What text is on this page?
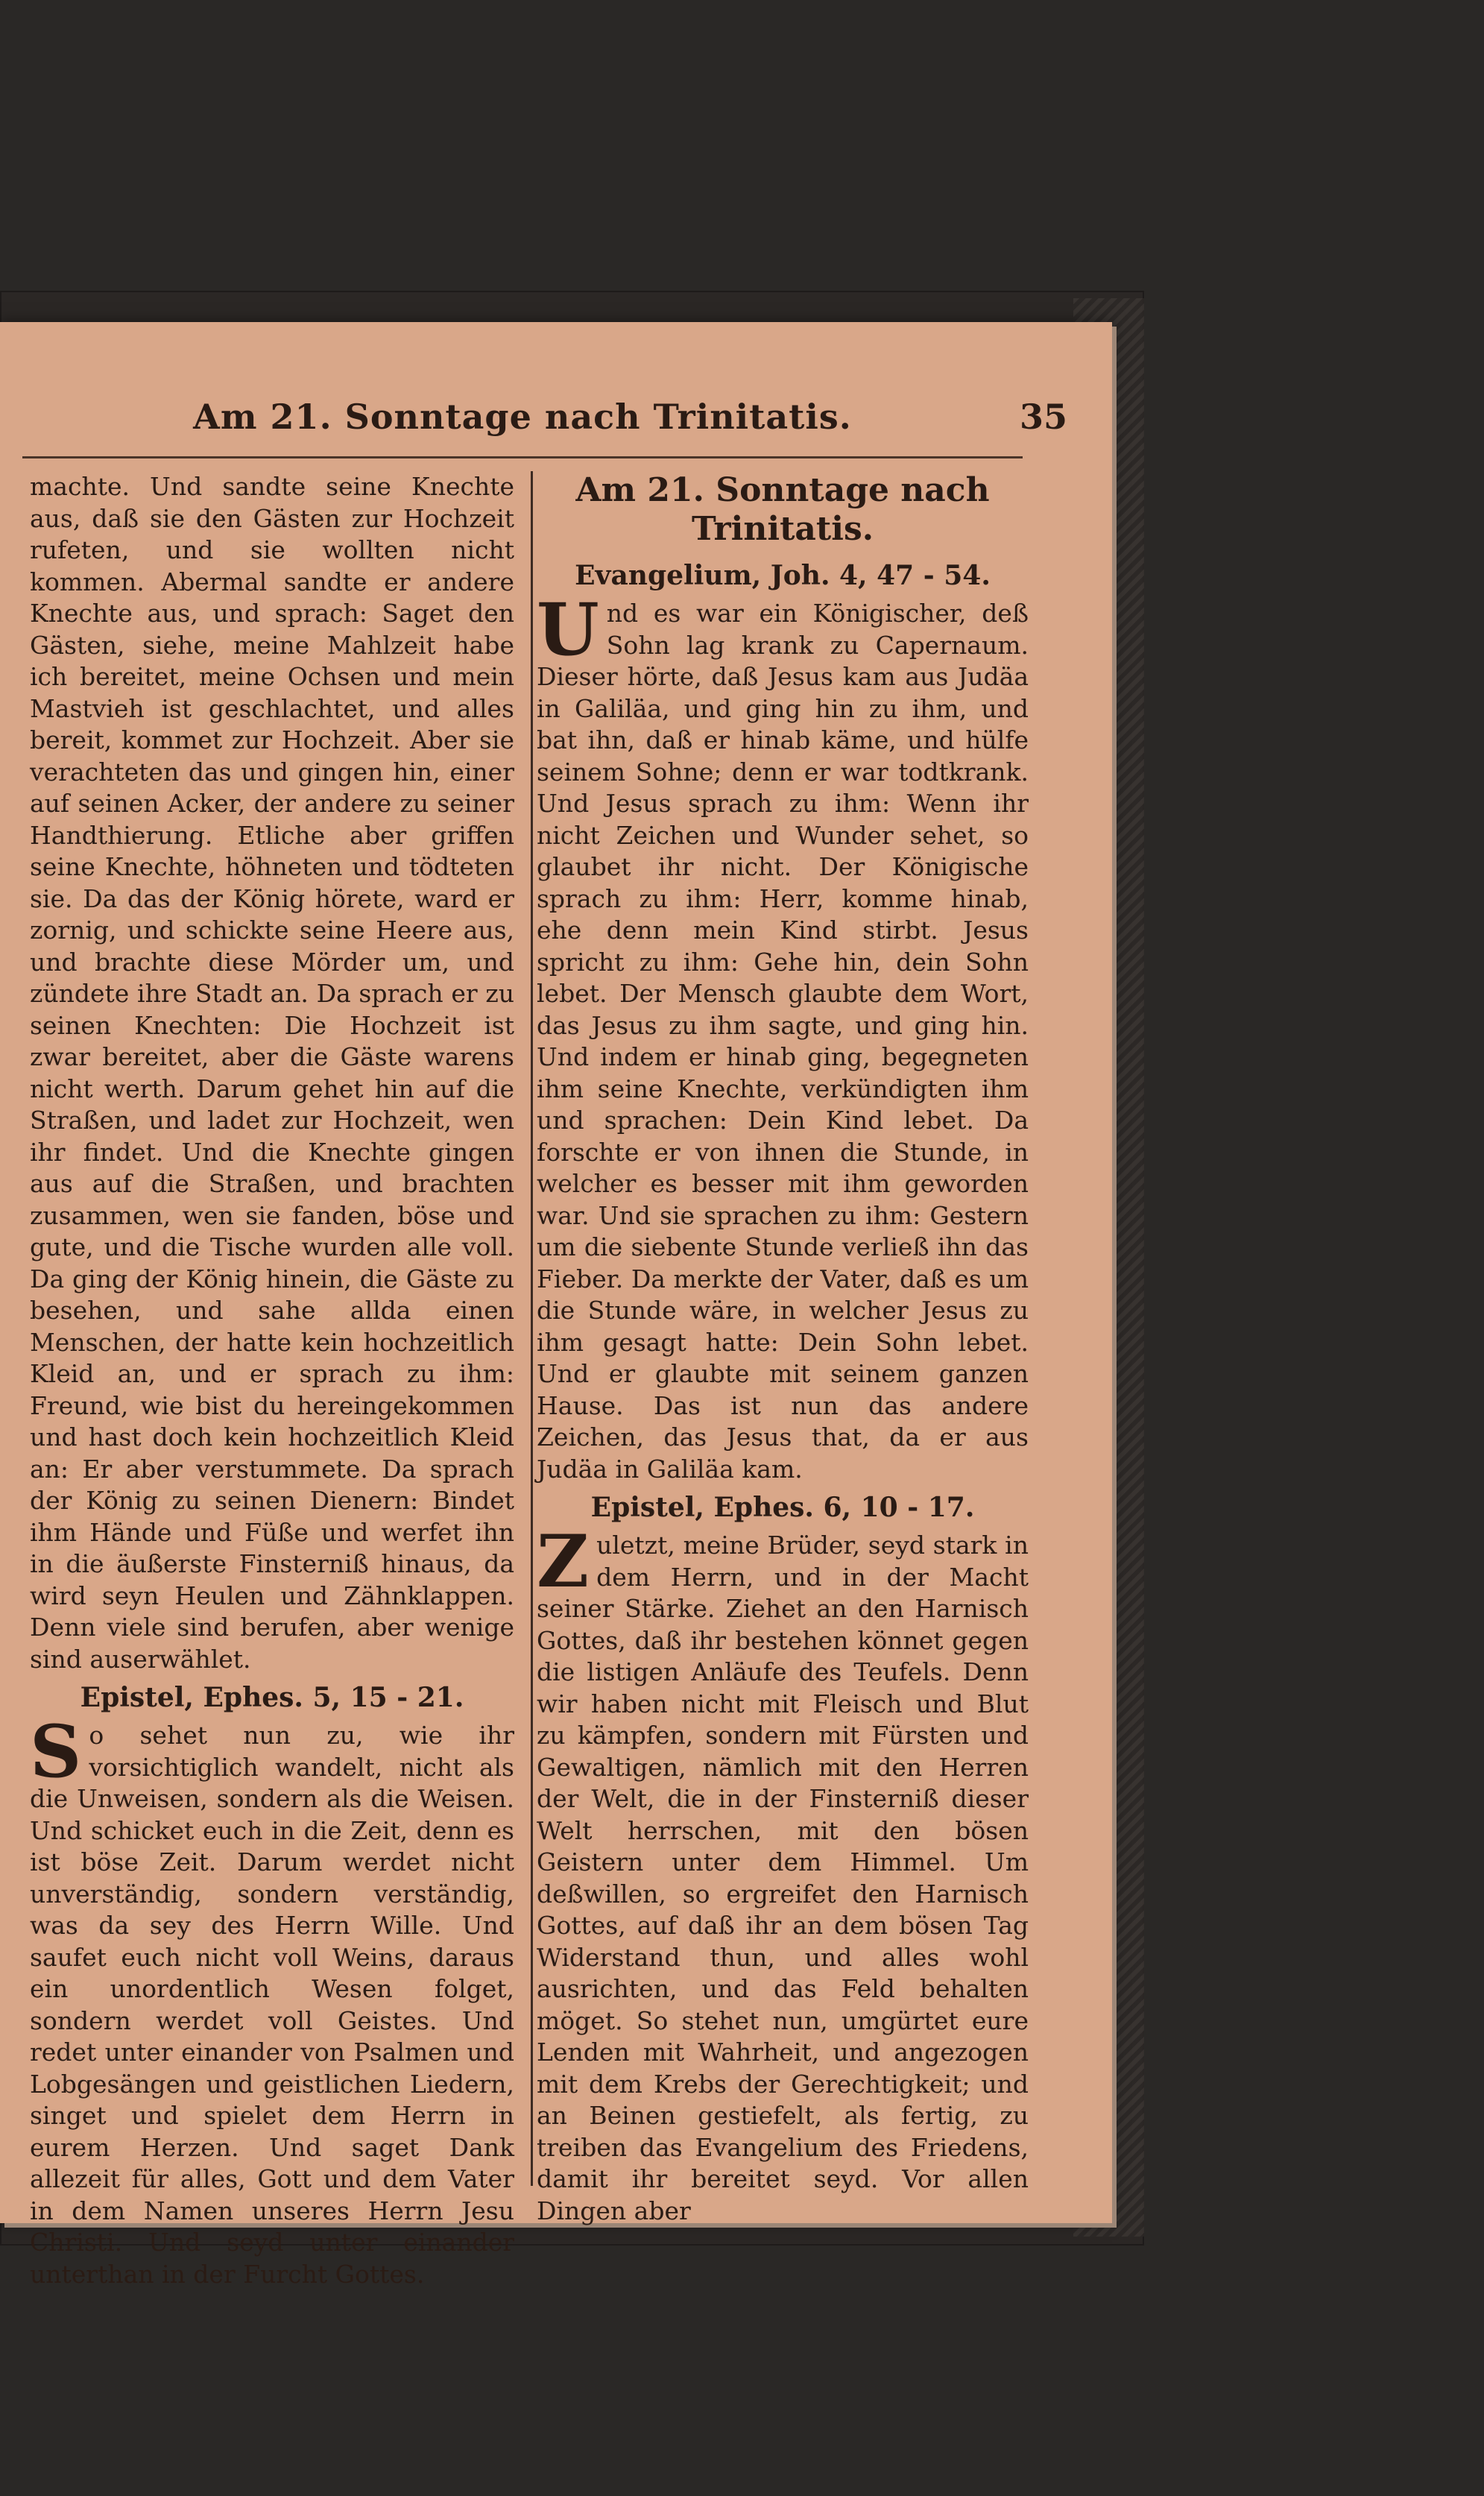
Am 21. Sonntage nach Trinitatis.	35

machte. Und sandte seine Knechte aus, daß sie den Gästen zur Hochzeit rufeten, und sie wollten nicht kommen. Abermal sandte er andere Knechte aus, und sprach: Saget den Gästen, siehe, meine Mahlzeit habe ich bereitet, meine Ochsen und mein Mastvieh ist geschlachtet, und alles bereit, kommet zur Hochzeit. Aber sie verachteten das und gingen hin, einer auf seinen Acker, der andere zu seiner Handthierung. Etliche aber griffen seine Knechte, höhneten und tödteten sie. Da das der König hörete, ward er zornig, und schickte seine Heere aus, und brachte diese Mörder um, und zündete ihre Stadt an. Da sprach er zu seinen Knechten: Die Hochzeit ist zwar bereitet, aber die Gäste warens nicht werth. Darum gehet hin auf die Straßen, und ladet zur Hochzeit, wen ihr findet. Und die Knechte gingen aus auf die Straßen, und brachten zusammen, wen sie fanden, böse und gute, und die Tische wurden alle voll. Da ging der König hinein, die Gäste zu besehen, und sahe allda einen Menschen, der hatte kein hochzeitlich Kleid an, und er sprach zu ihm: Freund, wie bist du hereingekommen und hast doch kein hochzeitlich Kleid an: Er aber verstummete. Da sprach der König zu seinen Dienern: Bindet ihm Hände und Füße und werfet ihn in die äußerste Finsterniß hinaus, da wird seyn Heulen und Zähnklappen. Denn viele sind berufen, aber wenige sind auserwählet.

Epistel, Ephes. 5, 15 - 21.

So sehet nun zu, wie ihr vorsichtiglich wandelt, nicht als die Unweisen, sondern als die Weisen. Und schicket euch in die Zeit, denn es ist böse Zeit. Darum werdet nicht unverständig, sondern verständig, was da sey des Herrn Wille. Und saufet euch nicht voll Weins, daraus ein unordentlich Wesen folget, sondern werdet voll Geistes. Und redet unter einander von Psalmen und Lobgesängen und geistlichen Liedern, singet und spielet dem Herrn in eurem Herzen. Und saget Dank allezeit für alles, Gott und dem Vater in dem Namen unseres Herrn Jesu Christi. Und seyd unter einander unterthan in der Furcht Gottes.

Am 21. Sonntage nach Trinitatis.
Evangelium, Joh. 4, 47 - 54.

Und es war ein Königischer, deß Sohn lag krank zu Capernaum. Dieser hörte, daß Jesus kam aus Judäa in Galiläa, und ging hin zu ihm, und bat ihn, daß er hinab käme, und hülfe seinem Sohne; denn er war todtkrank. Und Jesus sprach zu ihm: Wenn ihr nicht Zeichen und Wunder sehet, so glaubet ihr nicht. Der Königische sprach zu ihm: Herr, komme hinab, ehe denn mein Kind stirbt. Jesus spricht zu ihm: Gehe hin, dein Sohn lebet. Der Mensch glaubte dem Wort, das Jesus zu ihm sagte, und ging hin. Und indem er hinab ging, begegneten ihm seine Knechte, verkündigten ihm und sprachen: Dein Kind lebet. Da forschte er von ihnen die Stunde, in welcher es besser mit ihm geworden war. Und sie sprachen zu ihm: Gestern um die siebente Stunde verließ ihn das Fieber. Da merkte der Vater, daß es um die Stunde wäre, in welcher Jesus zu ihm gesagt hatte: Dein Sohn lebet. Und er glaubte mit seinem ganzen Hause. Das ist nun das andere Zeichen, das Jesus that, da er aus Judäa in Galiläa kam.

Epistel, Ephes. 6, 10 - 17.

Zuletzt, meine Brüder, seyd stark in dem Herrn, und in der Macht seiner Stärke. Ziehet an den Harnisch Gottes, daß ihr bestehen könnet gegen die listigen Anläufe des Teufels. Denn wir haben nicht mit Fleisch und Blut zu kämpfen, sondern mit Fürsten und Gewaltigen, nämlich mit den Herren der Welt, die in der Finsterniß dieser Welt herrschen, mit den bösen Geistern unter dem Himmel. Um deßwillen, so ergreifet den Harnisch Gottes, auf daß ihr an dem bösen Tag Widerstand thun, und alles wohl ausrichten, und das Feld behalten möget. So stehet nun, umgürtet eure Lenden mit Wahrheit, und angezogen mit dem Krebs der Gerechtigkeit; und an Beinen gestiefelt, als fertig, zu treiben das Evangelium des Friedens, damit ihr bereitet seyd. Vor allen Dingen aber
